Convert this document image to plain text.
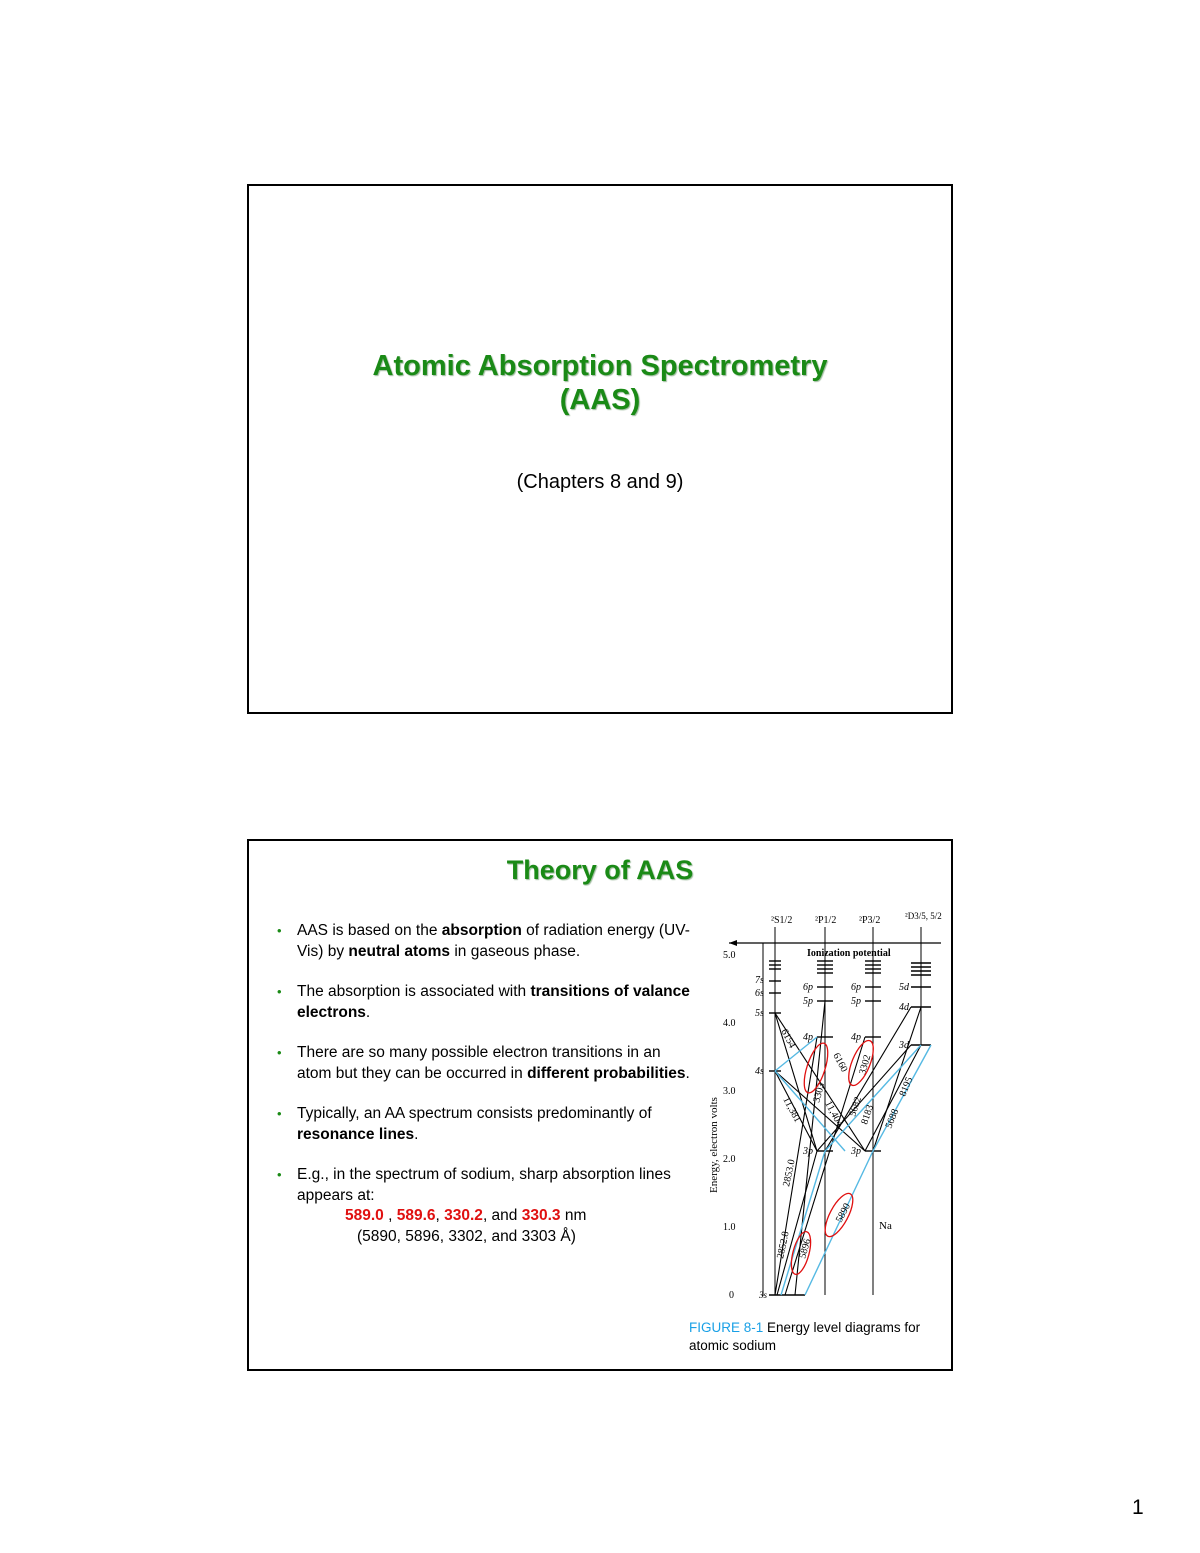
Atomic Absorption Spectrometry
(AAS)
(Chapters 8 and 9)
Theory of AAS
• AAS is based on the absorption of radiation energy (UV-Vis) by neutral atoms in gaseous phase.
• The absorption is associated with transitions of valance electrons.
• There are so many possible electron transitions in an atom but they can be occurred in different probabilities.
• Typically, an AA spectrum consists predominantly of resonance lines.
• E.g., in the spectrum of sodium, sharp absorption lines appears at:
589.0 , 589.6, 330.2, and 330.3 nm
(5890, 5896, 3302, and 3303 Å)
²S1/2 ²P1/2 ²P3/2	²D3/5, 5/2
Ionization potential
5.0
4.0
3.0
2.0
1.0
0
Energy, electron volts
7s
6s
5s
4s
3s
6p
5p
4p
3p
6p
5p
4p
3p
5d
4d
3d
6154
11,381
2853.0
2852.8 5896
3303
6160
11,404
3302
5682
8183 5688
8195
5890
Na
FIGURE 8-1 Energy level diagrams for atomic sodium
1
